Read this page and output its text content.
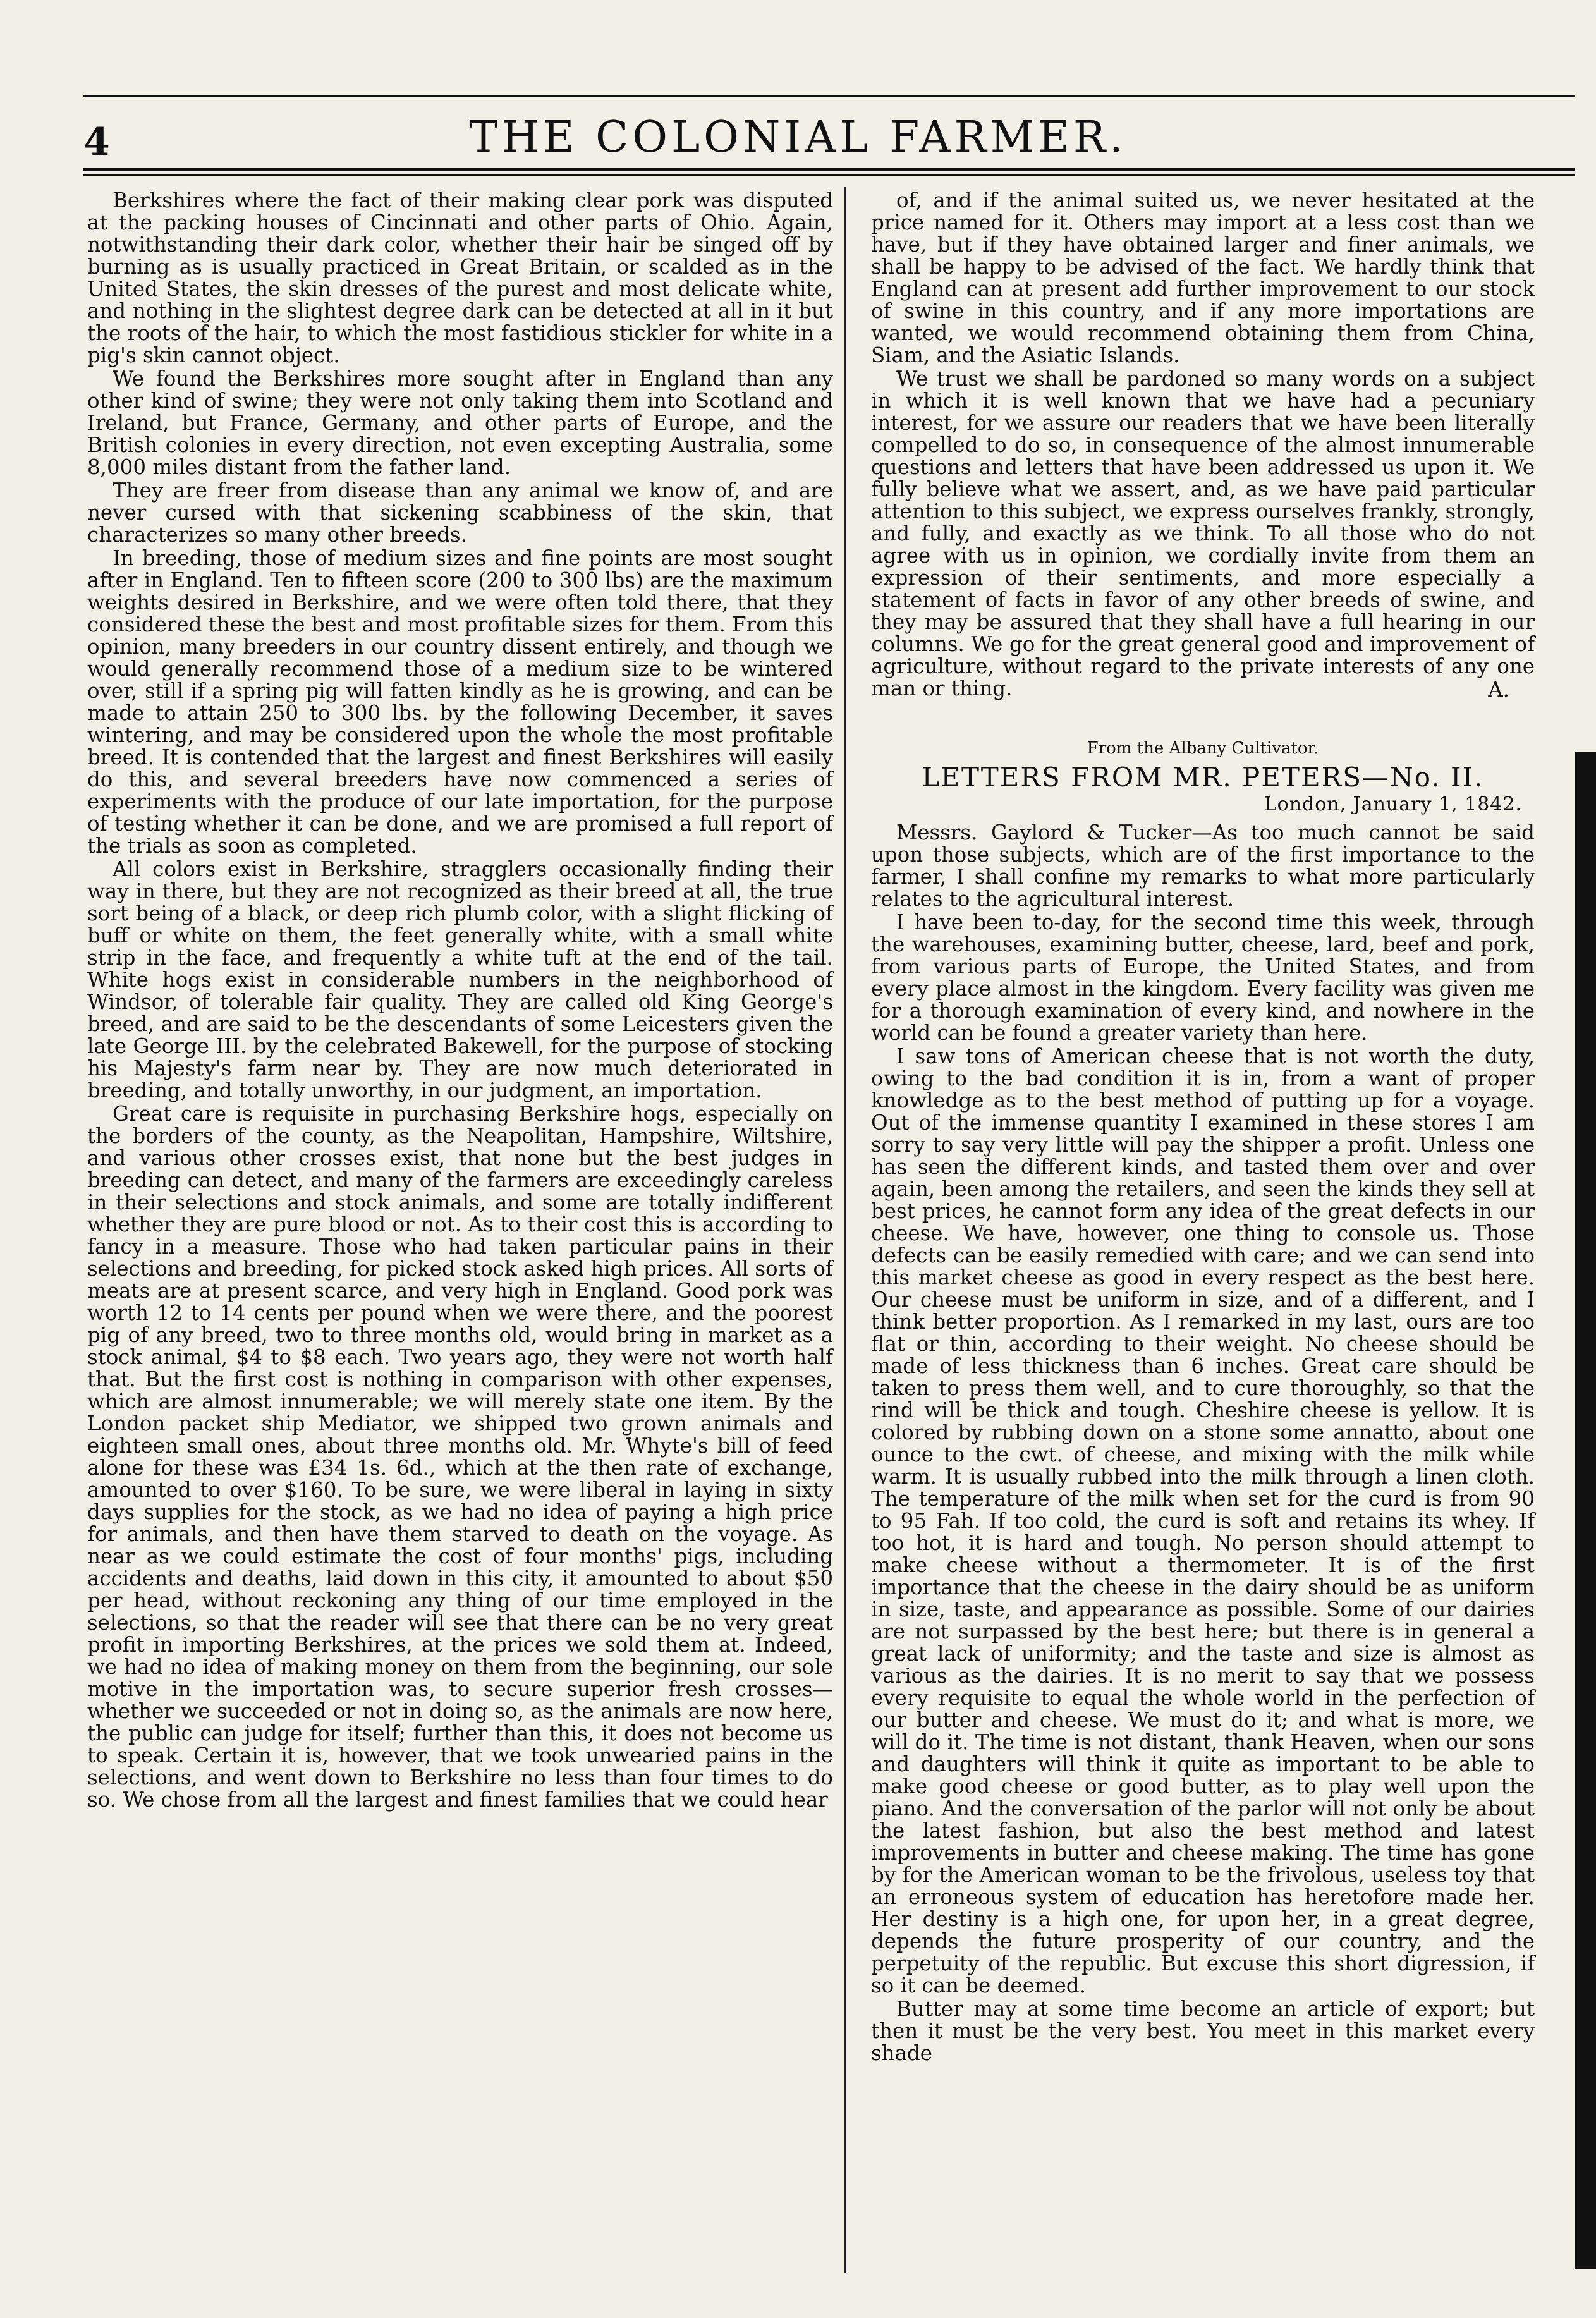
4	THE COLONIAL FARMER.

Berkshires where the fact of their making clear pork was disputed at the packing houses of Cincinnati and other parts of Ohio. Again, notwithstanding their dark color, whether their hair be singed off by burning as is usually practiced in Great Britain, or scalded as in the United States, the skin dresses of the purest and most delicate white, and nothing in the slightest degree dark can be detected at all in it but the roots of the hair, to which the most fastidious stickler for white in a pig's skin cannot object.

We found the Berkshires more sought after in England than any other kind of swine; they were not only taking them into Scotland and Ireland, but France, Germany, and other parts of Europe, and the British colonies in every direction, not even excepting Australia, some 8,000 miles distant from the father land.

They are freer from disease than any animal we know of, and are never cursed with that sickening scabbiness of the skin, that characterizes so many other breeds.

In breeding, those of medium sizes and fine points are most sought after in England. Ten to fifteen score (200 to 300 lbs) are the maximum weights desired in Berkshire, and we were often told there, that they considered these the best and most profitable sizes for them. From this opinion, many breeders in our country dissent entirely, and though we would generally recommend those of a medium size to be wintered over, still if a spring pig will fatten kindly as he is growing, and can be made to attain 250 to 300 lbs. by the following December, it saves wintering, and may be considered upon the whole the most profitable breed. It is contended that the largest and finest Berkshires will easily do this, and several breeders have now commenced a series of experiments with the produce of our late importation, for the purpose of testing whether it can be done, and we are promised a full report of the trials as soon as completed.

All colors exist in Berkshire, stragglers occasionally finding their way in there, but they are not recognized as their breed at all, the true sort being of a black, or deep rich plumb color, with a slight flicking of buff or white on them, the feet generally white, with a small white strip in the face, and frequently a white tuft at the end of the tail. White hogs exist in considerable numbers in the neighborhood of Windsor, of tolerable fair quality. They are called old King George's breed, and are said to be the descendants of some Leicesters given the late George III. by the celebrated Bakewell, for the purpose of stocking his Majesty's farm near by. They are now much deteriorated in breeding, and totally unworthy, in our judgment, an importation.

Great care is requisite in purchasing Berkshire hogs, especially on the borders of the county, as the Neapolitan, Hampshire, Wiltshire, and various other crosses exist, that none but the best judges in breeding can detect, and many of the farmers are exceedingly careless in their selections and stock animals, and some are totally indifferent whether they are pure blood or not. As to their cost this is according to fancy in a measure. Those who had taken particular pains in their selections and breeding, for picked stock asked high prices. All sorts of meats are at present scarce, and very high in England. Good pork was worth 12 to 14 cents per pound when we were there, and the poorest pig of any breed, two to three months old, would bring in market as a stock animal, $4 to $8 each. Two years ago, they were not worth half that. But the first cost is nothing in comparison with other expenses, which are almost innumerable; we will merely state one item. By the London packet ship Mediator, we shipped two grown animals and eighteen small ones, about three months old. Mr. Whyte's bill of feed alone for these was £34 1s. 6d., which at the then rate of exchange, amounted to over $160. To be sure, we were liberal in laying in sixty days supplies for the stock, as we had no idea of paying a high price for animals, and then have them starved to death on the voyage. As near as we could estimate the cost of four months' pigs, including accidents and deaths, laid down in this city, it amounted to about $50 per head, without reckoning any thing of our time employed in the selections, so that the reader will see that there can be no very great profit in importing Berkshires, at the prices we sold them at. Indeed, we had no idea of making money on them from the beginning, our sole motive in the importation was, to secure superior fresh crosses—whether we succeeded or not in doing so, as the animals are now here, the public can judge for itself; further than this, it does not become us to speak. Certain it is, however, that we took unwearied pains in the selections, and went down to Berkshire no less than four times to do so. We chose from all the largest and finest families that we could hear

of, and if the animal suited us, we never hesitated at the price named for it. Others may import at a less cost than we have, but if they have obtained larger and finer animals, we shall be happy to be advised of the fact. We hardly think that England can at present add further improvement to our stock of swine in this country, and if any more importations are wanted, we would recommend obtaining them from China, Siam, and the Asiatic Islands.

We trust we shall be pardoned so many words on a subject in which it is well known that we have had a pecuniary interest, for we assure our readers that we have been literally compelled to do so, in consequence of the almost innumerable questions and letters that have been addressed us upon it. We fully believe what we assert, and, as we have paid particular attention to this subject, we express ourselves frankly, strongly, and fully, and exactly as we think. To all those who do not agree with us in opinion, we cordially invite from them an expression of their sentiments, and more especially a statement of facts in favor of any other breeds of swine, and they may be assured that they shall have a full hearing in our columns. We go for the great general good and improvement of agriculture, without regard to the private interests of any one man or thing.	A.

From the Albany Cultivator.

LETTERS FROM MR. PETERS—No. II.

London, January 1, 1842.

Messrs. Gaylord & Tucker—As too much cannot be said upon those subjects, which are of the first importance to the farmer, I shall confine my remarks to what more particularly relates to the agricultural interest.

I have been to-day, for the second time this week, through the warehouses, examining butter, cheese, lard, beef and pork, from various parts of Europe, the United States, and from every place almost in the kingdom. Every facility was given me for a thorough examination of every kind, and nowhere in the world can be found a greater variety than here.

I saw tons of American cheese that is not worth the duty, owing to the bad condition it is in, from a want of proper knowledge as to the best method of putting up for a voyage. Out of the immense quantity I examined in these stores I am sorry to say very little will pay the shipper a profit. Unless one has seen the different kinds, and tasted them over and over again, been among the retailers, and seen the kinds they sell at best prices, he cannot form any idea of the great defects in our cheese. We have, however, one thing to console us. Those defects can be easily remedied with care; and we can send into this market cheese as good in every respect as the best here. Our cheese must be uniform in size, and of a different, and I think better proportion. As I remarked in my last, ours are too flat or thin, according to their weight. No cheese should be made of less thickness than 6 inches. Great care should be taken to press them well, and to cure thoroughly, so that the rind will be thick and tough. Cheshire cheese is yellow. It is colored by rubbing down on a stone some annatto, about one ounce to the cwt. of cheese, and mixing with the milk while warm. It is usually rubbed into the milk through a linen cloth. The temperature of the milk when set for the curd is from 90 to 95 Fah. If too cold, the curd is soft and retains its whey. If too hot, it is hard and tough. No person should attempt to make cheese without a thermometer. It is of the first importance that the cheese in the dairy should be as uniform in size, taste, and appearance as possible. Some of our dairies are not surpassed by the best here; but there is in general a great lack of uniformity; and the taste and size is almost as various as the dairies. It is no merit to say that we possess every requisite to equal the whole world in the perfection of our butter and cheese. We must do it; and what is more, we will do it. The time is not distant, thank Heaven, when our sons and daughters will think it quite as important to be able to make good cheese or good butter, as to play well upon the piano. And the conversation of the parlor will not only be about the latest fashion, but also the best method and latest improvements in butter and cheese making. The time has gone by for the American woman to be the frivolous, useless toy that an erroneous system of education has heretofore made her. Her destiny is a high one, for upon her, in a great degree, depends the future prosperity of our country, and the perpetuity of the republic. But excuse this short digression, if so it can be deemed.

Butter may at some time become an article of export; but then it must be the very best. You meet in this market every shade
